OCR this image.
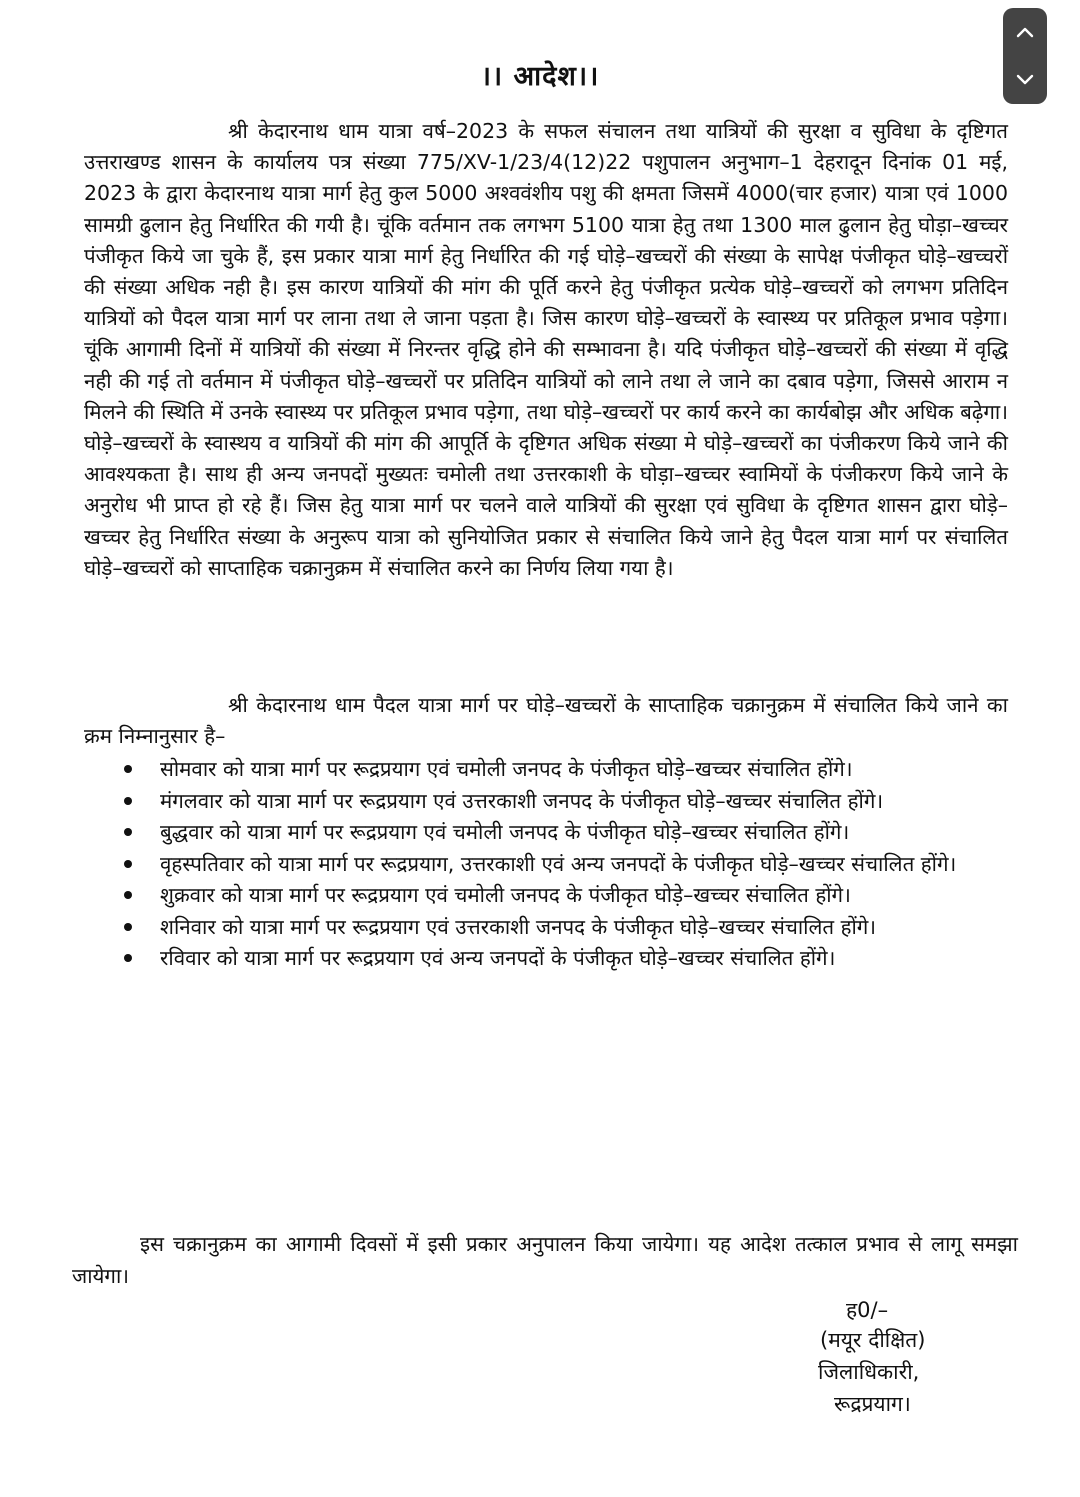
।। आदेश।।

श्री केदारनाथ धाम यात्रा वर्ष–2023 के सफल संचालन तथा यात्रियों की सुरक्षा व सुविधा के दृष्टिगत उत्तराखण्ड शासन के कार्यालय पत्र संख्या 775/XV-1/23/4(12)22 पशुपालन अनुभाग–1 देहरादून दिनांक 01 मई, 2023 के द्वारा केदारनाथ यात्रा मार्ग हेतु कुल 5000 अश्ववंशीय पशु की क्षमता जिसमें 4000(चार हजार) यात्रा एवं 1000 सामग्री ढुलान हेतु निर्धारित की गयी है। चूंकि वर्तमान तक लगभग 5100 यात्रा हेतु तथा 1300 माल ढुलान हेतु घोड़ा–खच्चर पंजीकृत किये जा चुके हैं, इस प्रकार यात्रा मार्ग हेतु निर्धारित की गई घोड़े–खच्चरों की संख्या के सापेक्ष पंजीकृत घोड़े–खच्चरों की संख्या अधिक नही है। इस कारण यात्रियों की मांग की पूर्ति करने हेतु पंजीकृत प्रत्येक घोड़े–खच्चरों को लगभग प्रतिदिन यात्रियों को पैदल यात्रा मार्ग पर लाना तथा ले जाना पड़ता है। जिस कारण घोड़े–खच्चरों के स्वास्थ्य पर प्रतिकूल प्रभाव पड़ेगा। चूंकि आगामी दिनों में यात्रियों की संख्या में निरन्तर वृद्धि होने की सम्भावना है। यदि पंजीकृत घोड़े–खच्चरों की संख्या में वृद्धि नही की गई तो वर्तमान में पंजीकृत घोड़े–खच्चरों पर प्रतिदिन यात्रियों को लाने तथा ले जाने का दबाव पड़ेगा, जिससे आराम न मिलने की स्थिति में उनके स्वास्थ्य पर प्रतिकूल प्रभाव पड़ेगा, तथा घोड़े–खच्चरों पर कार्य करने का कार्यबोझ और अधिक बढ़ेगा। घोड़े–खच्चरों के स्वास्थय व यात्रियों की मांग की आपूर्ति के दृष्टिगत अधिक संख्या मे घोड़े–खच्चरों का पंजीकरण किये जाने की आवश्यकता है। साथ ही अन्य जनपदों मुख्यतः चमोली तथा उत्तरकाशी के घोड़ा–खच्चर स्वामियों के पंजीकरण किये जाने के अनुरोध भी प्राप्त हो रहे हैं। जिस हेतु यात्रा मार्ग पर चलने वाले यात्रियों की सुरक्षा एवं सुविधा के दृष्टिगत शासन द्वारा घोड़े–खच्चर हेतु निर्धारित संख्या के अनुरूप यात्रा को सुनियोजित प्रकार से संचालित किये जाने हेतु पैदल यात्रा मार्ग पर संचालित घोड़े–खच्चरों को साप्ताहिक चक्रानुक्रम में संचालित करने का निर्णय लिया गया है।

श्री केदारनाथ धाम पैदल यात्रा मार्ग पर घोड़े–खच्चरों के साप्ताहिक चक्रानुक्रम में संचालित किये जाने का क्रम निम्नानुसार है–

सोमवार को यात्रा मार्ग पर रूद्रप्रयाग एवं चमोली जनपद के पंजीकृत घोड़े–खच्चर संचालित होंगे।
मंगलवार को यात्रा मार्ग पर रूद्रप्रयाग एवं उत्तरकाशी जनपद के पंजीकृत घोड़े–खच्चर संचालित होंगे।
बुद्धवार को यात्रा मार्ग पर रूद्रप्रयाग एवं चमोली जनपद के पंजीकृत घोड़े–खच्चर संचालित होंगे।
वृहस्पतिवार को यात्रा मार्ग पर रूद्रप्रयाग, उत्तरकाशी एवं अन्य जनपदों के पंजीकृत घोड़े–खच्चर संचालित होंगे।
शुक्रवार को यात्रा मार्ग पर रूद्रप्रयाग एवं चमोली जनपद के पंजीकृत घोड़े–खच्चर संचालित होंगे।
शनिवार को यात्रा मार्ग पर रूद्रप्रयाग एवं उत्तरकाशी जनपद के पंजीकृत घोड़े–खच्चर संचालित होंगे।
रविवार को यात्रा मार्ग पर रूद्रप्रयाग एवं अन्य जनपदों के पंजीकृत घोड़े–खच्चर संचालित होंगे।

इस चक्रानुक्रम का आगामी दिवसों में इसी प्रकार अनुपालन किया जायेगा। यह आदेश तत्काल प्रभाव से लागू समझा जायेगा।

ह0/–
(मयूर दीक्षित)
जिलाधिकारी,
रूद्रप्रयाग।
